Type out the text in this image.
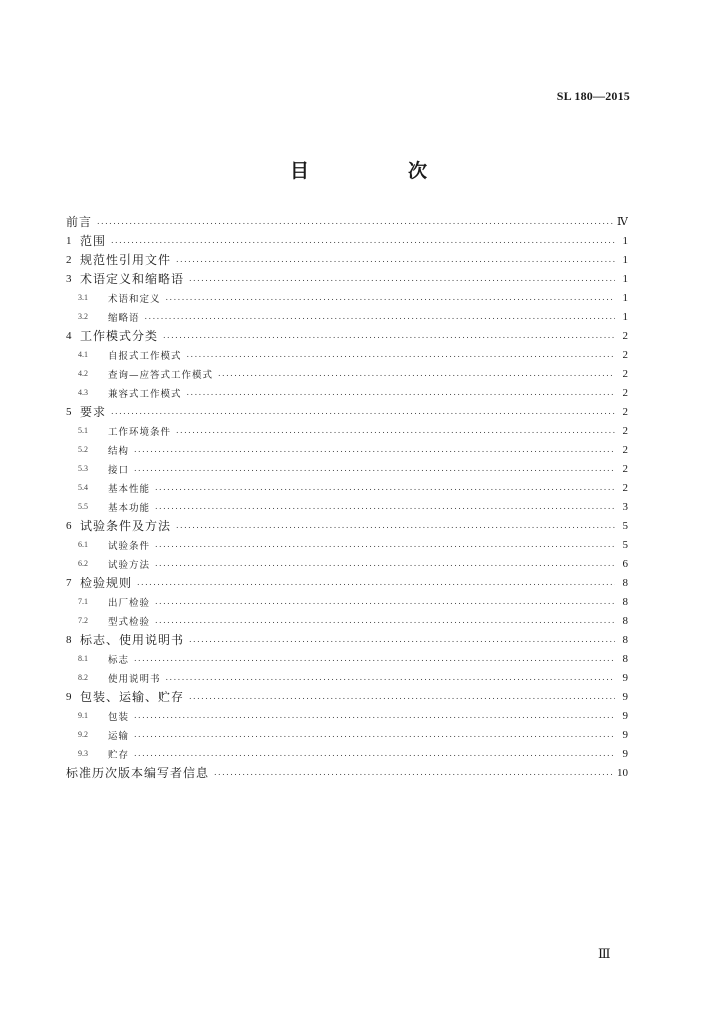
SL 180—2015
目　次
前言 .....	Ⅳ
1 范围 .....	1
2 规范性引用文件 .....	1
3 术语定义和缩略语 .....	1
3.1	术语和定义 .....	1
3.2	缩略语 .....	1
4 工作模式分类 .....	2
4.1	自报式工作模式 .....	2
4.2	查询—应答式工作模式 .....	2
4.3	兼容式工作模式 .....	2
5 要求 .....	2
5.1	工作环境条件 .....	2
5.2	结构 .....	2
5.3	接口 .....	2
5.4	基本性能 .....	2
5.5	基本功能 .....	3
6 试验条件及方法 .....	5
6.1	试验条件 .....	5
6.2	试验方法 .....	6
7 检验规则 .....	8
7.1	出厂检验 .....	8
7.2	型式检验 .....	8
8 标志、使用说明书 .....	8
8.1	标志 .....	8
8.2	使用说明书 .....	9
9 包装、运输、贮存 .....	9
9.1	包装 .....	9
9.2	运输 .....	9
9.3	贮存 .....	9
标准历次版本编写者信息 .....	10
Ⅲ
